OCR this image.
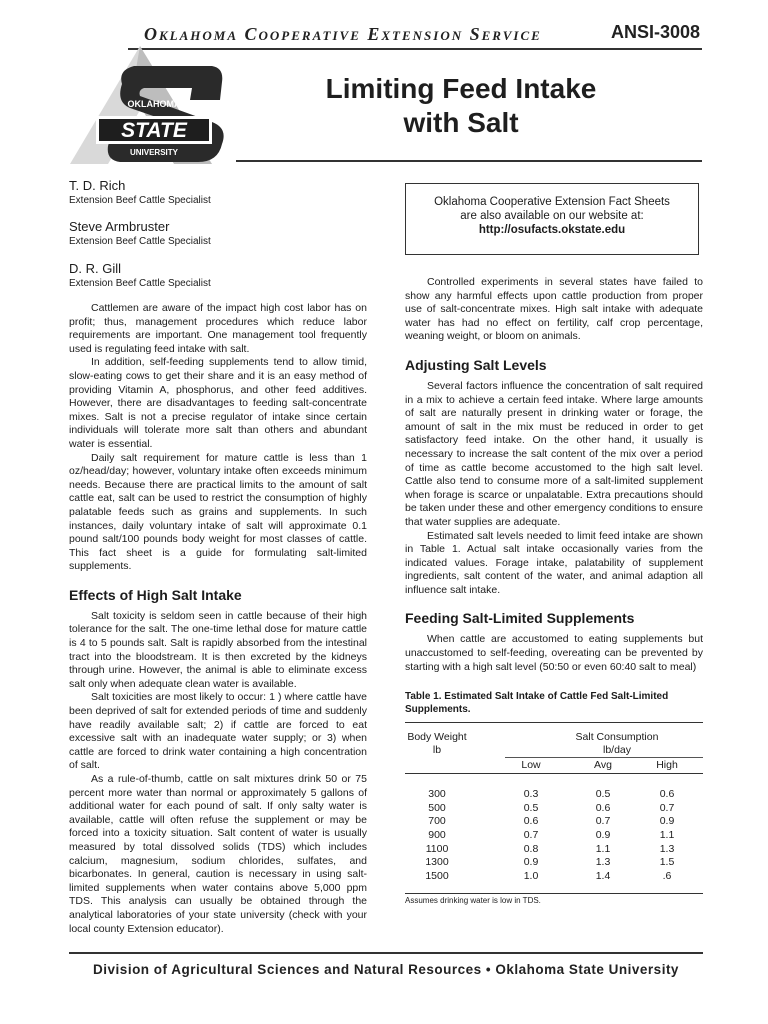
Oklahoma Cooperative Extension Service	ANSI-3008
OKLAHOMA
STATE
UNIVERSITY
Limiting Feed Intake
with Salt
T. D. Rich
Extension Beef Cattle Specialist
Steve Armbruster
Extension Beef Cattle Specialist
D. R. Gill
Extension Beef Cattle Specialist
Oklahoma Cooperative Extension Fact Sheets
are also available on our website at:
http://osufacts.okstate.edu

Cattlemen are aware of the impact high cost labor has on profit; thus, management procedures which reduce labor requirements are important. One management tool frequently used is regulating feed intake with salt.

In addition, self-feeding supplements tend to allow timid, slow-eating cows to get their share and it is an easy method of providing Vitamin A, phosphorus, and other feed additives. However, there are disadvantages to feeding salt-concentrate mixes. Salt is not a precise regulator of intake since certain individuals will tolerate more salt than others and abundant water is essential.

Daily salt requirement for mature cattle is less than 1 oz/head/day; however, voluntary intake often exceeds minimum needs. Because there are practical limits to the amount of salt cattle eat, salt can be used to restrict the consumption of highly palatable feeds such as grains and supplements. In such instances, daily voluntary intake of salt will approximate 0.1 pound salt/100 pounds body weight for most classes of cattle. This fact sheet is a guide for formulating salt-limited supplements.

Effects of High Salt Intake

Salt toxicity is seldom seen in cattle because of their high tolerance for the salt. The one-time lethal dose for mature cattle is 4 to 5 pounds salt. Salt is rapidly absorbed from the intestinal tract into the bloodstream. It is then excreted by the kidneys through urine. However, the animal is able to eliminate excess salt only when adequate clean water is available.

Salt toxicities are most likely to occur: 1 ) where cattle have been deprived of salt for extended periods of time and suddenly have readily available salt; 2) if cattle are forced to eat excessive salt with an inadequate water supply; or 3) when cattle are forced to drink water containing a high concentration of salt.

As a rule-of-thumb, cattle on salt mixtures drink 50 or 75 percent more water than normal or approximately 5 gallons of additional water for each pound of salt. If only salty water is available, cattle will often refuse the supplement or may be forced into a toxicity situation. Salt content of water is usually measured by total dissolved solids (TDS) which includes calcium, magnesium, sodium chlorides, sulfates, and bicarbonates. In general, caution is necessary in using salt-limited supplements when water contains above 5,000 ppm TDS. This analysis can usually be obtained through the analytical laboratories of your state university (check with your local county Extension educator).

Controlled experiments in several states have failed to show any harmful effects upon cattle production from proper use of salt-concentrate mixes. High salt intake with adequate water has had no effect on fertility, calf crop percentage, weaning weight, or bloom on animals.

Adjusting Salt Levels

Several factors influence the concentration of salt required in a mix to achieve a certain feed intake. Where large amounts of salt are naturally present in drinking water or forage, the amount of salt in the mix must be reduced in order to get satisfactory feed intake. On the other hand, it usually is necessary to increase the salt content of the mix over a period of time as cattle become accustomed to the high salt level. Cattle also tend to consume more of a salt-limited supplement when forage is scarce or unpalatable. Extra precautions should be taken under these and other emergency conditions to ensure that water supplies are adequate.

Estimated salt levels needed to limit feed intake are shown in Table 1. Actual salt intake occasionally varies from the indicated values. Forage intake, palatability of supplement ingredients, salt content of the water, and animal adaption all influence salt intake.

Feeding Salt-Limited Supplements

When cattle are accustomed to eating supplements but unaccustomed to self-feeding, overeating can be prevented by starting with a high salt level (50:50 or even 60:40 salt to meal)

Table 1. Estimated Salt Intake of Cattle Fed Salt-Limited Supplements.
Body Weight
lb
Salt Consumption
lb/day
Low	Avg	High
300	0.3	0.5	0.6
500	0.5	0.6	0.7
700	0.6	0.7	0.9
900	0.7	0.9	1.1
1100	0.8	1.1	1.3
1300	0.9	1.3	1.5
1500	1.0	1.4	.6
Assumes drinking water is low in TDS.
Division of Agricultural Sciences and Natural Resources • Oklahoma State University
